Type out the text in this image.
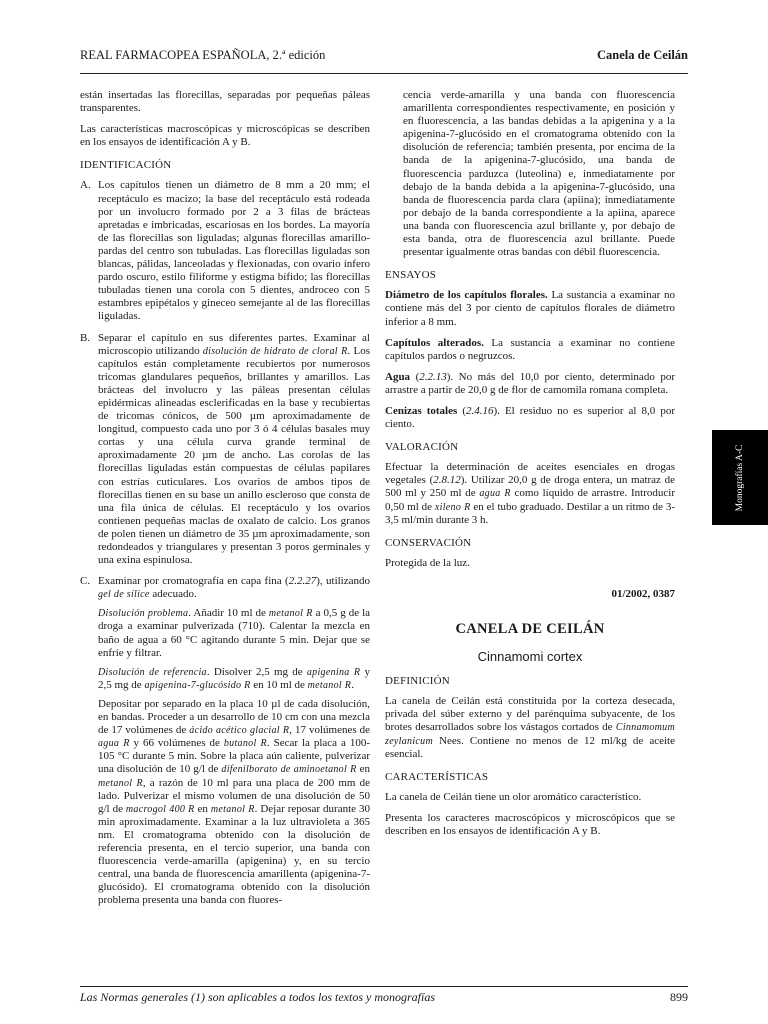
REAL FARMACOPEA ESPAÑOLA, 2.ª edición	Canela de Ceilán

están insertadas las florecillas, separadas por pequeñas páleas transparentes.

Las características macroscópicas y microscópicas se describen en los ensayos de identificación A y B.

IDENTIFICACIÓN
A. Los capítulos tienen un diámetro de 8 mm a 20 mm; el receptáculo es macizo; la base del receptáculo está rodeada por un involucro formado por 2 a 3 filas de brácteas apretadas e imbricadas, escariosas en los bordes. La mayoría de las florecillas son liguladas; algunas florecillas amarillo-pardas del centro son tubuladas. Las florecillas liguladas son blancas, pálidas, lanceoladas y flexionadas, con ovario ínfero pardo oscuro, estilo filiforme y estigma bífido; las florecillas tubuladas tienen una corola con 5 dientes, androceo con 5 estambres epipétalos y gineceo semejante al de las florecillas liguladas.
B. Separar el capítulo en sus diferentes partes. Examinar al microscopio utilizando disolución de hidrato de cloral R. Los capítulos están completamente recubiertos por numerosos tricomas glandulares pequeños, brillantes y amarillos. Las brácteas del involucro y las páleas presentan células epidérmicas alineadas esclerificadas en la base y recubiertas de tricomas cónicos, de 500 µm aproximadamente de longitud, compuesto cada uno por 3 ó 4 células basales muy cortas y una célula curva grande terminal de aproximadamente 20 µm de ancho. Las corolas de las florecillas liguladas están compuestas de células papilares con estrías cuticulares. Los ovarios de ambos tipos de florecillas tienen en su base un anillo escleroso que consta de una fila única de células. El receptáculo y los ovarios contienen pequeñas maclas de oxalato de calcio. Los granos de polen tienen un diámetro de 35 µm aproximadamente, son redondeados y triangulares y presentan 3 poros germinales y una exina espinulosa.
C. Examinar por cromatografía en capa fina (2.2.27), utilizando gel de sílice adecuado.
Disolución problema. Añadir 10 ml de metanol R a 0,5 g de la droga a examinar pulverizada (710). Calentar la mezcla en baño de agua a 60 °C agitando durante 5 min. Dejar que se enfríe y filtrar.
Disolución de referencia. Disolver 2,5 mg de apigenina R y 2,5 mg de apigenina-7-glucósido R en 10 ml de metanol R.
Depositar por separado en la placa 10 µl de cada disolución, en bandas. Proceder a un desarrollo de 10 cm con una mezcla de 17 volúmenes de ácido acético glacial R, 17 volúmenes de agua R y 66 volúmenes de butanol R. Secar la placa a 100-105 °C durante 5 min. Sobre la placa aún caliente, pulverizar una disolución de 10 g/l de difenilborato de aminoetanol R en metanol R, a razón de 10 ml para una placa de 200 mm de lado. Pulverizar el mismo volumen de una disolución de 50 g/l de macrogol 400 R en metanol R. Dejar reposar durante 30 min aproximadamente. Examinar a la luz ultravioleta a 365 nm. El cromatograma obtenido con la disolución de referencia presenta, en el tercio superior, una banda con fluorescencia verde-amarilla (apigenina) y, en su tercio central, una banda de fluorescencia amarillenta (apigenina-7-glucósido). El cromatograma obtenido con la disolución problema presenta una banda con fluores-

cencia verde-amarilla y una banda con fluorescencia amarillenta correspondientes respectivamente, en posición y en fluorescencia, a las bandas debidas a la apigenina y a la apigenina-7-glucósido en el cromatograma obtenido con la disolución de referencia; también presenta, por encima de la banda de la apigenina-7-glucósido, una banda de fluorescencia parduzca (luteolina) e, inmediatamente por debajo de la banda debida a la apigenina-7-glucósido, una banda de fluorescencia parda clara (apiina); inmediatamente por debajo de la banda correspondiente a la apiina, aparece una banda con fluorescencia azul brillante y, por debajo de esta banda, otra de fluorescencia azul brillante. Puede presentar igualmente otras bandas con débil fluorescencia.

ENSAYOS

Diámetro de los capítulos florales. La sustancia a examinar no contiene más del 3 por ciento de capítulos florales de diámetro inferior a 8 mm.

Capítulos alterados. La sustancia a examinar no contiene capítulos pardos o negruzcos.

Agua (2.2.13). No más del 10,0 por ciento, determinado por arrastre a partir de 20,0 g de flor de camomila romana completa.

Cenizas totales (2.4.16). El residuo no es superior al 8,0 por ciento.

VALORACIÓN

Efectuar la determinación de aceites esenciales en drogas vegetales (2.8.12). Utilizar 20,0 g de droga entera, un matraz de 500 ml y 250 ml de agua R como líquido de arrastre. Introducir 0,50 ml de xileno R en el tubo graduado. Destilar a un ritmo de 3-3,5 ml/min durante 3 h.

CONSERVACIÓN

Protegida de la luz.

01/2002, 0387
CANELA DE CEILÁN
Cinnamomi cortex
DEFINICIÓN

La canela de Ceilán está constituida por la corteza desecada, privada del súber externo y del parénquima subyacente, de los brotes desarrollados sobre los vástagos cortados de Cinnamomum zeylanicum Nees. Contiene no menos de 12 ml/kg de aceite esencial.

CARACTERÍSTICAS

La canela de Ceilán tiene un olor aromático característico.

Presenta los caracteres macroscópicos y microscópicos que se describen en los ensayos de identificación A y B.

Monografías A-C
Las Normas generales (1) son aplicables a todos los textos y monografías	899
